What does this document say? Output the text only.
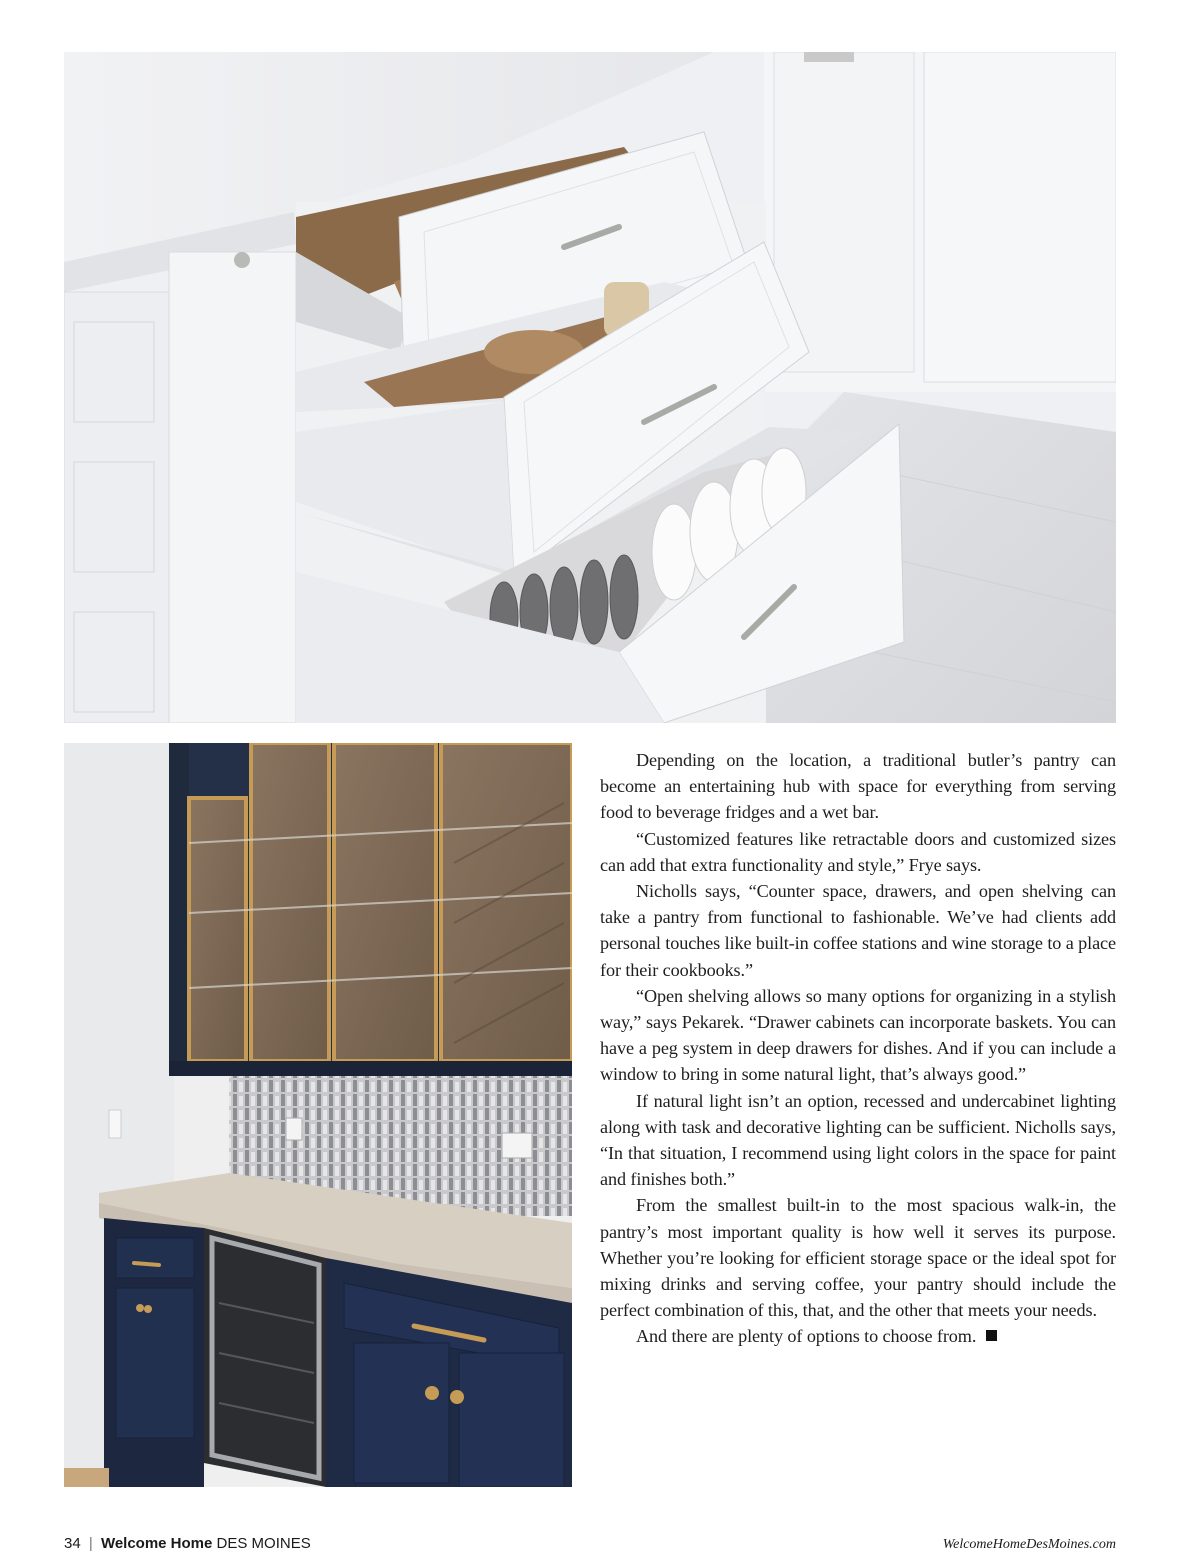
Depending on the location, a traditional butler’s pantry can become an entertaining hub with space for everything from serving food to beverage fridges and a wet bar.

“Customized features like retractable doors and customized sizes can add that extra functionality and style,” Frye says.

Nicholls says, “Counter space, drawers, and open shelving can take a pantry from functional to fashionable. We’ve had clients add personal touches like built-in coffee stations and wine storage to a place for their cookbooks.”

“Open shelving allows so many options for organizing in a stylish way,” says Pekarek. “Drawer cabinets can incorporate baskets. You can have a peg system in deep drawers for dishes. And if you can include a window to bring in some natural light, that’s always good.”

If natural light isn’t an option, recessed and undercabinet lighting along with task and decorative lighting can be sufficient. Nicholls says, “In that situation, I recommend using light colors in the space for paint and finishes both.”

From the smallest built-in to the most spacious walk-in, the pantry’s most important quality is how well it serves its purpose. Whether you’re looking for efficient storage space or the ideal spot for mixing drinks and serving coffee, your pantry should include the perfect combination of this, that, and the other that meets your needs.

And there are plenty of options to choose from.

34 | Welcome Home DES MOINES	WelcomeHomeDesMoines.com
